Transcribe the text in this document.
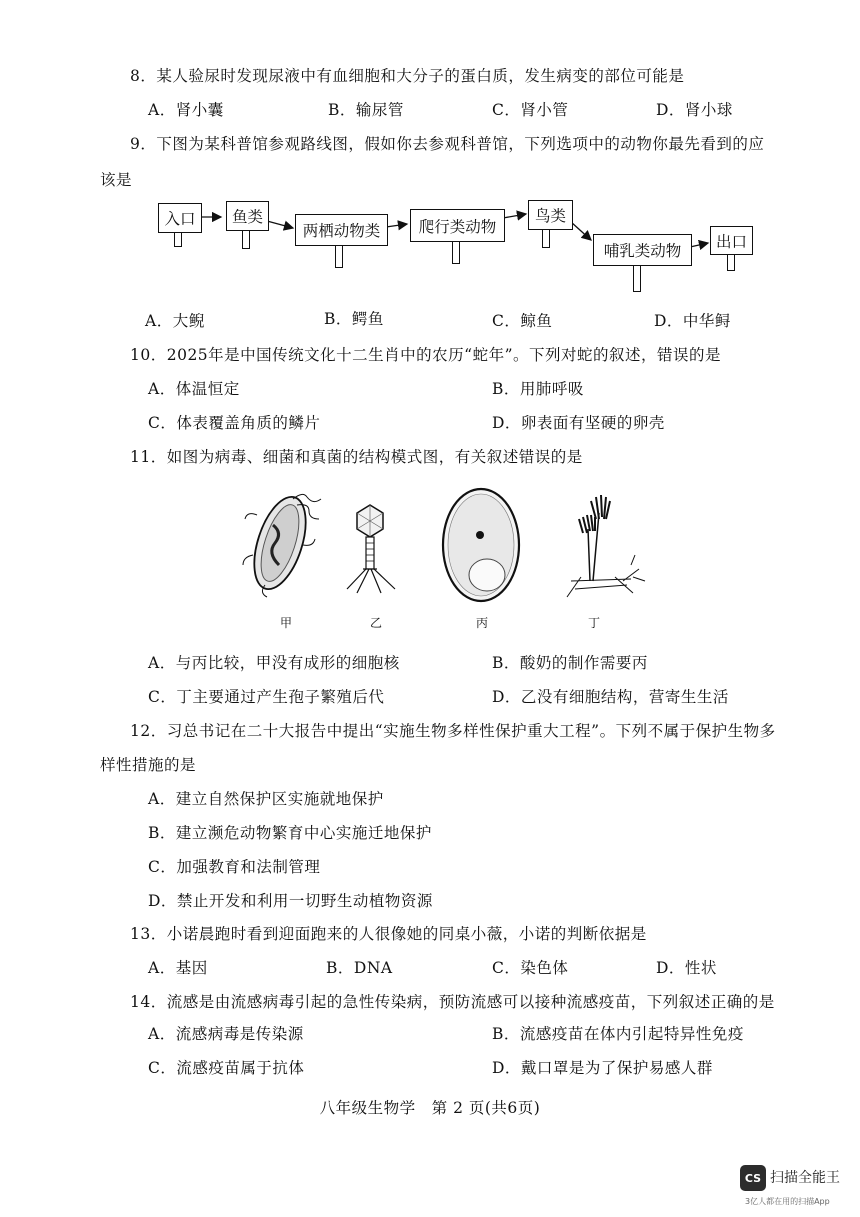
8．某人验尿时发现尿液中有血细胞和大分子的蛋白质，发生病变的部位可能是
A．肾小囊	B．输尿管	C．肾小管	D．肾小球
9．下图为某科普馆参观路线图，假如你去参观科普馆，下列选项中的动物你最先看到的应
该是
入口	鱼类
两栖动物类	爬行类动物
鸟类
哺乳类动物
出口
A．大鲵	B．鳄鱼	C．鲸鱼	D．中华鲟
10．2025年是中国传统文化十二生肖中的农历“蛇年”。下列对蛇的叙述，错误的是
A．体温恒定	B．用肺呼吸
C．体表覆盖角质的鳞片	D．卵表面有坚硬的卵壳
11．如图为病毒、细菌和真菌的结构模式图，有关叙述错误的是
甲	乙	丙	丁
A．与丙比较，甲没有成形的细胞核	B．酸奶的制作需要丙
C．丁主要通过产生孢子繁殖后代	D．乙没有细胞结构，营寄生生活
12．习总书记在二十大报告中提出“实施生物多样性保护重大工程”。下列不属于保护生物多
样性措施的是
A．建立自然保护区实施就地保护
B．建立濒危动物繁育中心实施迁地保护
C．加强教育和法制管理
D．禁止开发和利用一切野生动植物资源
13．小诺晨跑时看到迎面跑来的人很像她的同桌小薇，小诺的判断依据是
A．基因	B．DNA	C．染色体	D．性状
14．流感是由流感病毒引起的急性传染病，预防流感可以接种流感疫苗，下列叙述正确的是
A．流感病毒是传染源	B．流感疫苗在体内引起特异性免疫
C．流感疫苗属于抗体	D．戴口罩是为了保护易感人群
八年级生物学　第 2 页(共6页)
CS 扫描全能王
3亿人都在用的扫描App
